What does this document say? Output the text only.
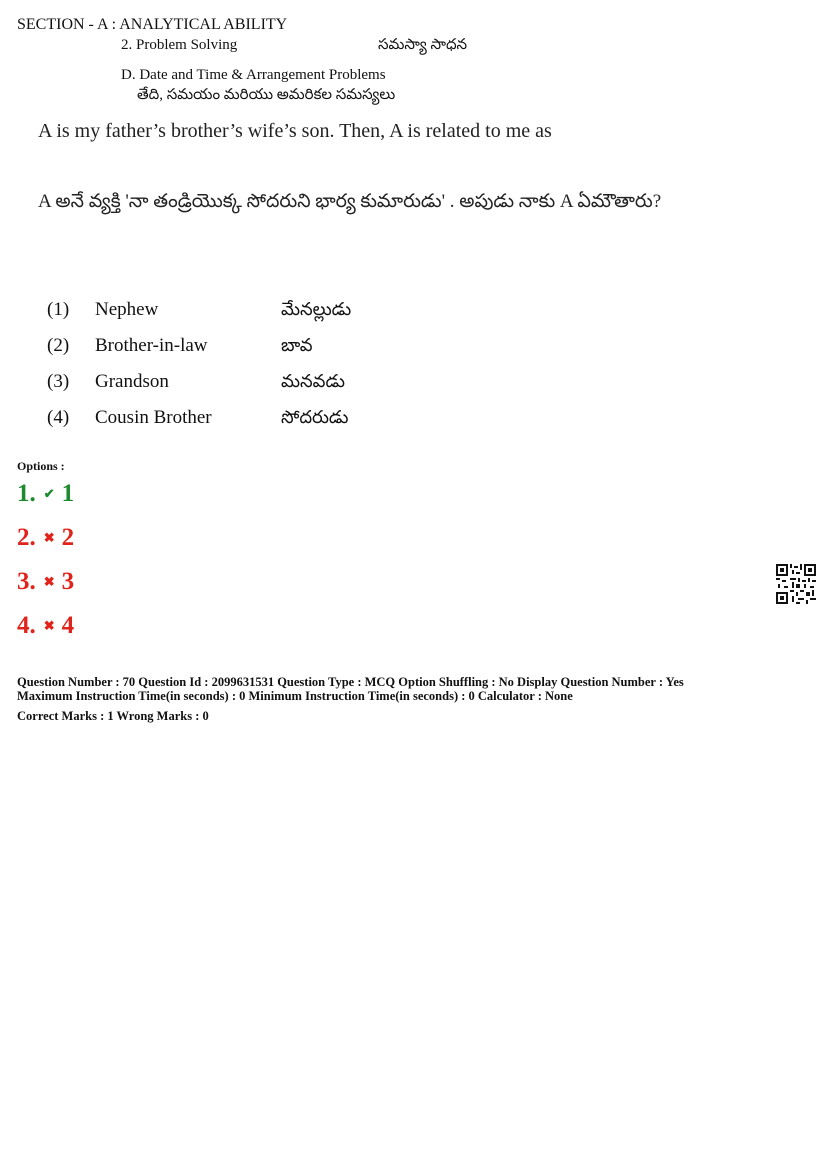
SECTION - A : ANALYTICAL ABILITY
2. Problem Solving	సమస్యా సాధన
D. Date and Time & Arrangement Problems
తేది, సమయం మరియు అమరికల సమస్యలు
A is my father’s brother’s wife’s son. Then, A is related to me as
A అనే వ్యక్తి 'నా తండ్రియొక్క సోదరుని భార్య కుమారుడు' . అపుడు నాకు A ఏమౌతారు?
(1) Nephew	మేనల్లుడు
(2) Brother-in-law	బావ
(3) Grandson	మనవడు
(4) Cousin Brother	సోదరుడు
Options :
1. ✔ 1
2. ✖ 2
3. ✖ 3
4. ✖ 4
Question Number : 70 Question Id : 2099631531 Question Type : MCQ Option Shuffling : No Display Question Number : Yes
Maximum Instruction Time(in seconds) : 0 Minimum Instruction Time(in seconds) : 0 Calculator : None
Correct Marks : 1 Wrong Marks : 0
